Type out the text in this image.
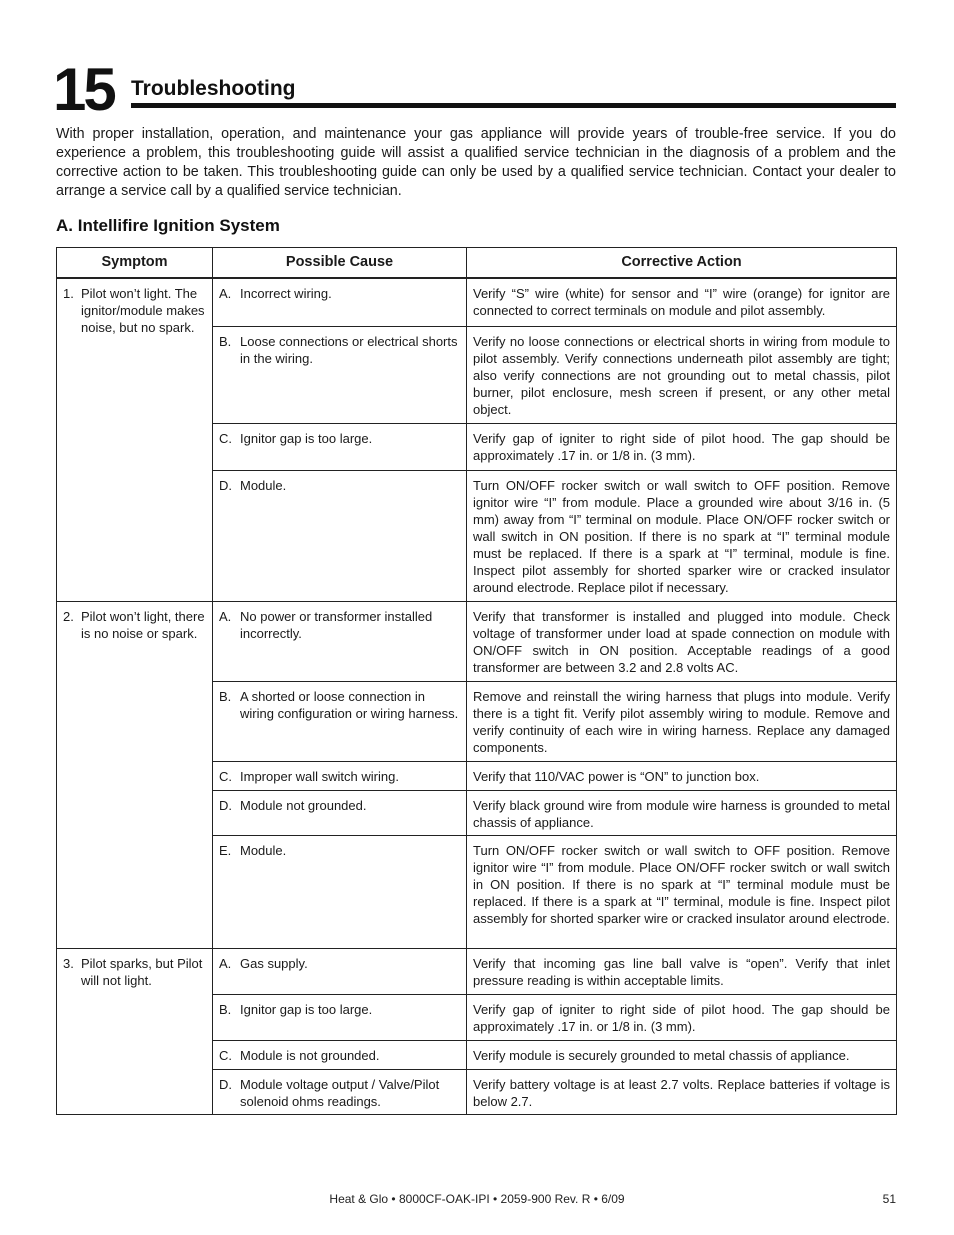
15 Troubleshooting

With proper installation, operation, and maintenance your gas appliance will provide years of trouble-free service. If you do experience a problem, this troubleshooting guide will assist a qualified service technician in the diagnosis of a problem and the corrective action to be taken. This troubleshooting guide can only be used by a qualified service technician. Contact your dealer to arrange a service call by a qualified service technician.

A. Intellifire Ignition System
Symptom	Possible Cause	Corrective Action

1. Pilot won’t light. The ignitor/module makes noise, but no spark.	A. Incorrect wiring.	Verify “S” wire (white) for sensor and “I” wire (orange) for ignitor are connected to correct terminals on module and pilot assembly.

	B. Loose connections or electrical shorts in the wiring.	Verify no loose connections or electrical shorts in wiring from module to pilot assembly. Verify connections underneath pilot assembly are tight; also verify connections are not grounding out to metal chassis, pilot burner, pilot enclosure, mesh screen if present, or any other metal object.

	C. Ignitor gap is too large.	Verify gap of igniter to right side of pilot hood. The gap should be approximately .17 in. or 1/8 in. (3 mm).

	D. Module.	Turn ON/OFF rocker switch or wall switch to OFF position. Remove ignitor wire “I” from module. Place a grounded wire about 3/16 in. (5 mm) away from “I” terminal on module. Place ON/OFF rocker switch or wall switch in ON position. If there is no spark at “I” terminal module must be replaced. If there is a spark at “I” terminal, module is fine. Inspect pilot assembly for shorted sparker wire or cracked insulator around electrode. Replace pilot if necessary.

2. Pilot won’t light, there is no noise or spark.	A. No power or transformer installed incorrectly.	Verify that transformer is installed and plugged into module. Check voltage of transformer under load at spade connection on module with ON/OFF switch in ON position. Acceptable readings of a good transformer are between 3.2 and 2.8 volts AC.

	B. A shorted or loose connection in wiring configuration or wiring harness.	Remove and reinstall the wiring harness that plugs into module. Verify there is a tight fit. Verify pilot assembly wiring to module. Remove and verify continuity of each wire in wiring harness. Replace any damaged components.

	C. Improper wall switch wiring.	Verify that 110/VAC power is “ON” to junction box.

	D. Module not grounded.	Verify black ground wire from module wire harness is grounded to metal chassis of appliance.

	E. Module.	Turn ON/OFF rocker switch or wall switch to OFF position. Remove ignitor wire “I” from module. Place ON/OFF rocker switch or wall switch in ON position. If there is no spark at “I” terminal module must be replaced. If there is a spark at “I” terminal, module is fine. Inspect pilot assembly for shorted sparker wire or cracked insulator around electrode.

3. Pilot sparks, but Pilot will not light.	A. Gas supply.	Verify that incoming gas line ball valve is “open”. Verify that inlet pressure reading is within acceptable limits.

	B. Ignitor gap is too large.	Verify gap of igniter to right side of pilot hood. The gap should be approximately .17 in. or 1/8 in. (3 mm).

	C. Module is not grounded.	Verify module is securely grounded to metal chassis of appliance.

	D. Module voltage output / Valve/Pilot solenoid ohms readings.	Verify battery voltage is at least 2.7 volts. Replace batteries if voltage is below 2.7.
Heat & Glo • 8000CF-OAK-IPI • 2059-900 Rev. R • 6/09	51
